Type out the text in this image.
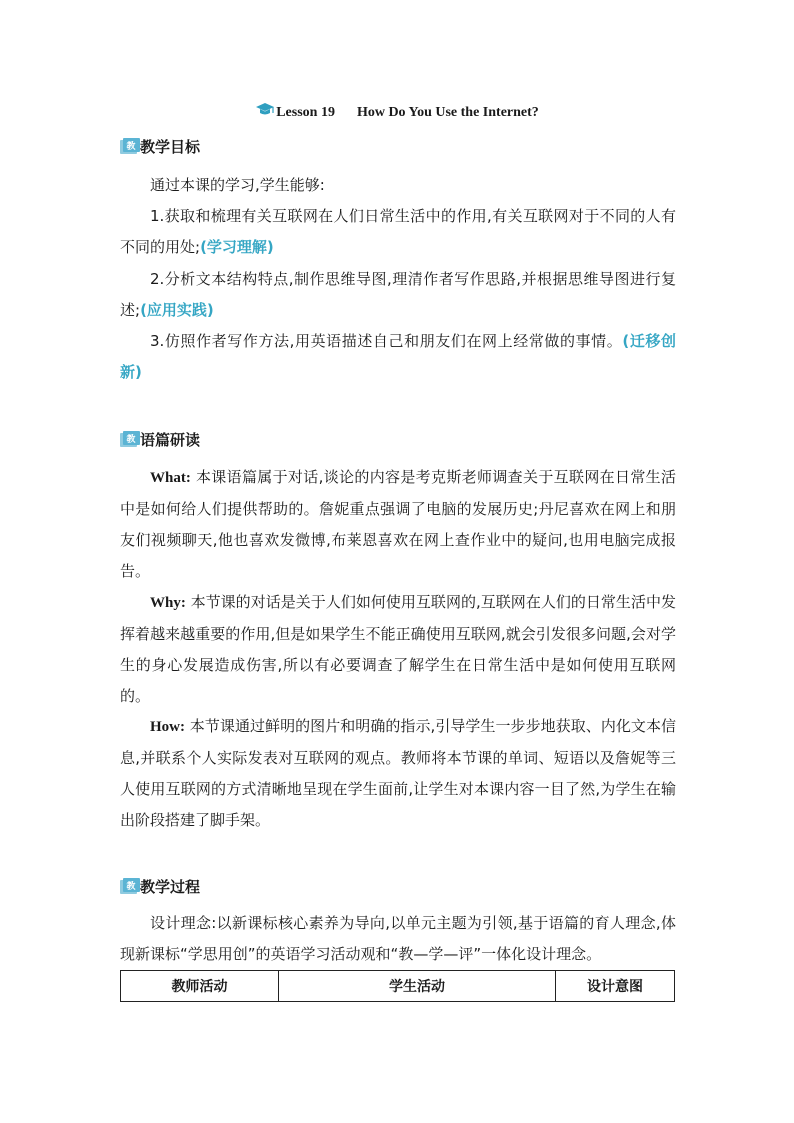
Lesson 19 How Do You Use the Internet?
教 教学目标
通过本课的学习,学生能够:
1.获取和梳理有关互联网在人们日常生活中的作用,有关互联网对于不同的人有不同的用处;(学习理解)
2.分析文本结构特点,制作思维导图,理清作者写作思路,并根据思维导图进行复述;(应用实践)
3.仿照作者写作方法,用英语描述自己和朋友们在网上经常做的事情。(迁移创新)
教 语篇研读
What: 本课语篇属于对话,谈论的内容是考克斯老师调查关于互联网在日常生活中是如何给人们提供帮助的。詹妮重点强调了电脑的发展历史;丹尼喜欢在网上和朋友们视频聊天,他也喜欢发微博,布莱恩喜欢在网上查作业中的疑问,也用电脑完成报告。
Why: 本节课的对话是关于人们如何使用互联网的,互联网在人们的日常生活中发挥着越来越重要的作用,但是如果学生不能正确使用互联网,就会引发很多问题,会对学生的身心发展造成伤害,所以有必要调查了解学生在日常生活中是如何使用互联网的。
How: 本节课通过鲜明的图片和明确的指示,引导学生一步步地获取、内化文本信息,并联系个人实际发表对互联网的观点。教师将本节课的单词、短语以及詹妮等三人使用互联网的方式清晰地呈现在学生面前,让学生对本课内容一目了然,为学生在输出阶段搭建了脚手架。
教 教学过程
设计理念:以新课标核心素养为导向,以单元主题为引领,基于语篇的育人理念,体现新课标“学思用创”的英语学习活动观和“教—学—评”一体化设计理念。
教师活动	学生活动	设计意图
